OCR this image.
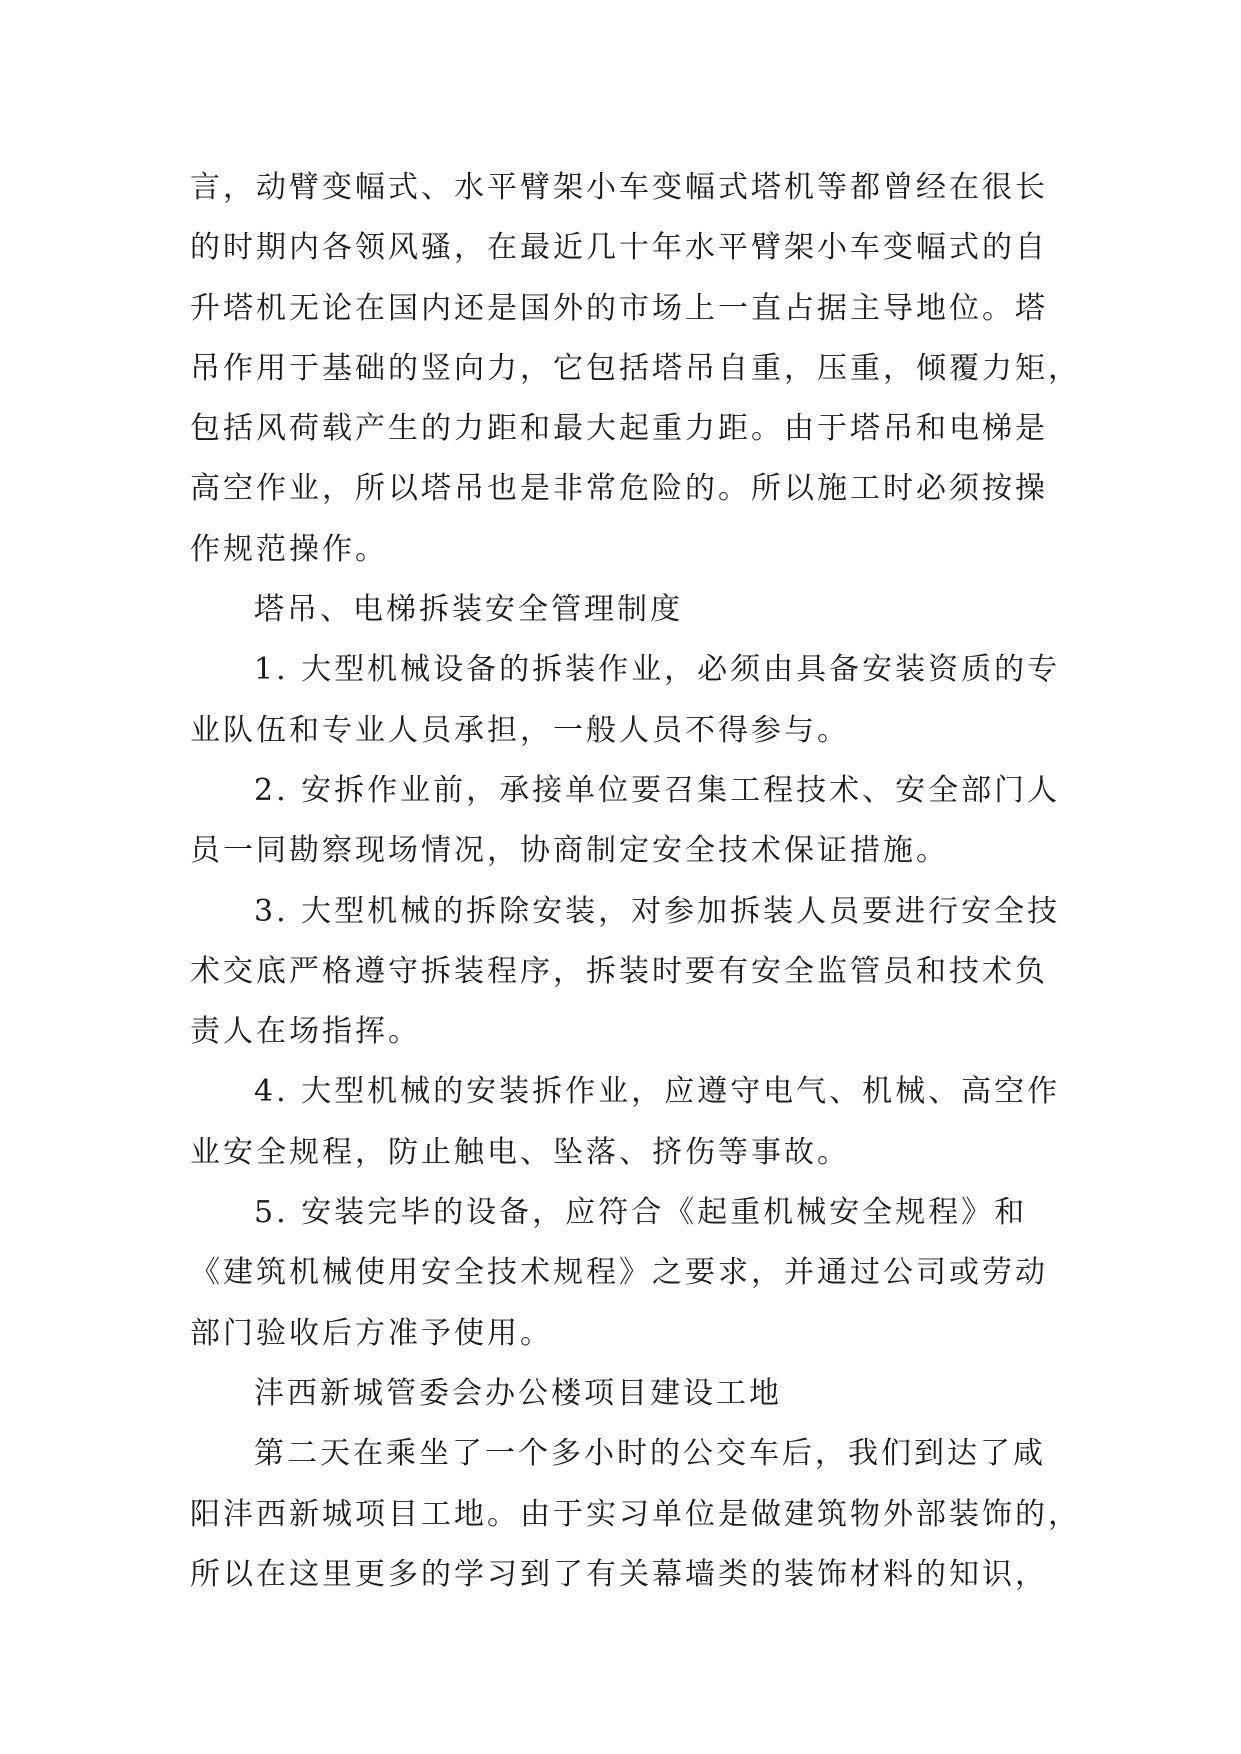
言，动臂变幅式、水平臂架小车变幅式塔机等都曾经在很长
的时期内各领风骚，在最近几十年水平臂架小车变幅式的自
升塔机无论在国内还是国外的市场上一直占据主导地位。塔
吊作用于基础的竖向力，它包括塔吊自重，压重，倾覆力矩，
包括风荷载产生的力距和最大起重力距。由于塔吊和电梯是
高空作业，所以塔吊也是非常危险的。所以施工时必须按操
作规范操作。
塔吊、电梯拆装安全管理制度
1. 大型机械设备的拆装作业，必须由具备安装资质的专
业队伍和专业人员承担，一般人员不得参与。
2. 安拆作业前，承接单位要召集工程技术、安全部门人
员一同勘察现场情况，协商制定安全技术保证措施。
3. 大型机械的拆除安装，对参加拆装人员要进行安全技
术交底严格遵守拆装程序，拆装时要有安全监管员和技术负
责人在场指挥。
4. 大型机械的安装拆作业，应遵守电气、机械、高空作
业安全规程，防止触电、坠落、挤伤等事故。
5. 安装完毕的设备，应符合《起重机械安全规程》和
《建筑机械使用安全技术规程》之要求，并通过公司或劳动
部门验收后方准予使用。
沣西新城管委会办公楼项目建设工地
第二天在乘坐了一个多小时的公交车后，我们到达了咸
阳沣西新城项目工地。由于实习单位是做建筑物外部装饰的，
所以在这里更多的学习到了有关幕墙类的装饰材料的知识，
